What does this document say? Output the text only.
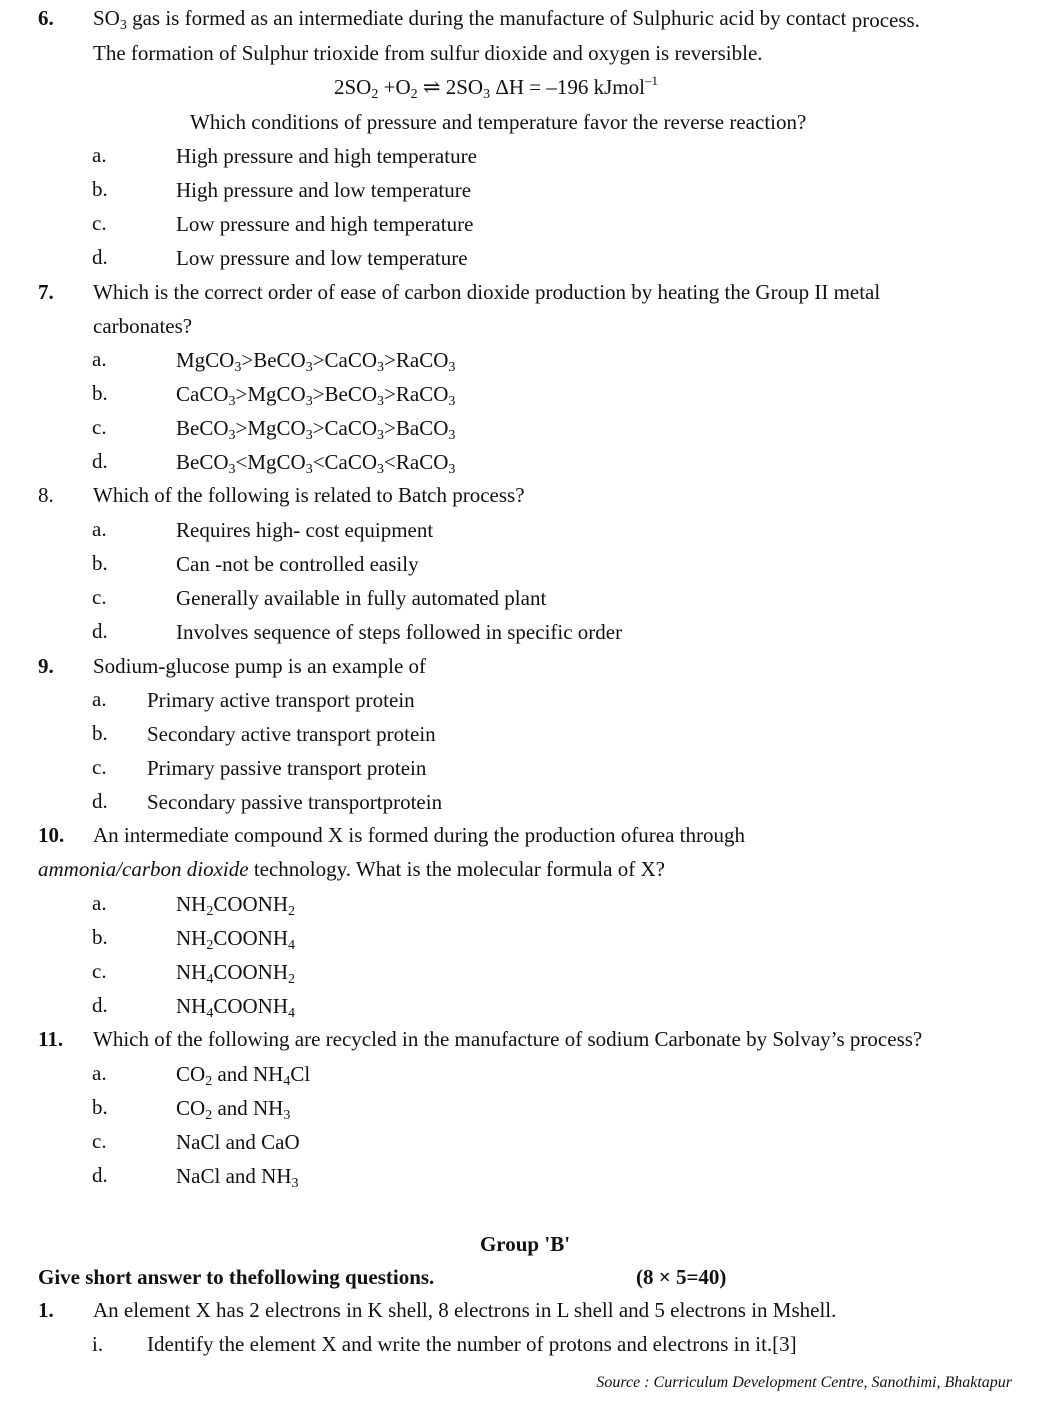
6. $SO_3$ gas is formed as an intermediate during the manufacture of Sulphuric acid by contact process.
The formation of Sulphur trioxide from sulfur dioxide and oxygen is reversible.
$2SO_2 +O_2$ ⇌ $2SO_3$ ΔH = –196 kJmol$^{-1}$
Which conditions of pressure and temperature favor the reverse reaction?
a.	High pressure and high temperature
b.	High pressure and low temperature
c.	Low pressure and high temperature
d.	Low pressure and low temperature
7. Which is the correct order of ease of carbon dioxide production by heating the Group II metal
carbonates?
a.	MgCO$_3$>BeCO$_3$>CaCO$_3$>RaCO$_3$
b.	CaCO$_3$>MgCO$_3$>BeCO$_3$>RaCO$_3$
c.	BeCO$_3$>MgCO$_3$>CaCO$_3$>BaCO$_3$
d.	BeCO$_3$<MgCO$_3$<CaCO$_3$<RaCO$_3$
8. Which of the following is related to Batch process?
a.	Requires high- cost equipment
b.	Can -not be controlled easily
c.	Generally available in fully automated plant
d.	Involves sequence of steps followed in specific order
9. Sodium-glucose pump is an example of
a. Primary active transport protein
b. Secondary active transport protein
c. Primary passive transport protein
d. Secondary passive transportprotein
10. An intermediate compound X is formed during the production ofurea through
ammonia/carbon dioxide technology. What is the molecular formula of X?
a.	$NH_2COONH_2$
b.	$NH_2COONH_4$
c.	$NH_4COONH_2$
d.	$NH_4COONH_4$
11. Which of the following are recycled in the manufacture of sodium Carbonate by Solvay’s process?
a.	$CO_2$ and $NH_4Cl$
b.	$CO_2$ and $NH_3$
c.	NaCl and CaO
d.	NaCl and $NH_3$
Group 'B'
Give short answer to thefollowing questions.	(8 × 5=40)
1. An element X has 2 electrons in K shell, 8 electrons in L shell and 5 electrons in Mshell.
i. Identify the element X and write the number of protons and electrons in it.[3]
Source : Curriculum Development Centre, Sanothimi, Bhaktapur
